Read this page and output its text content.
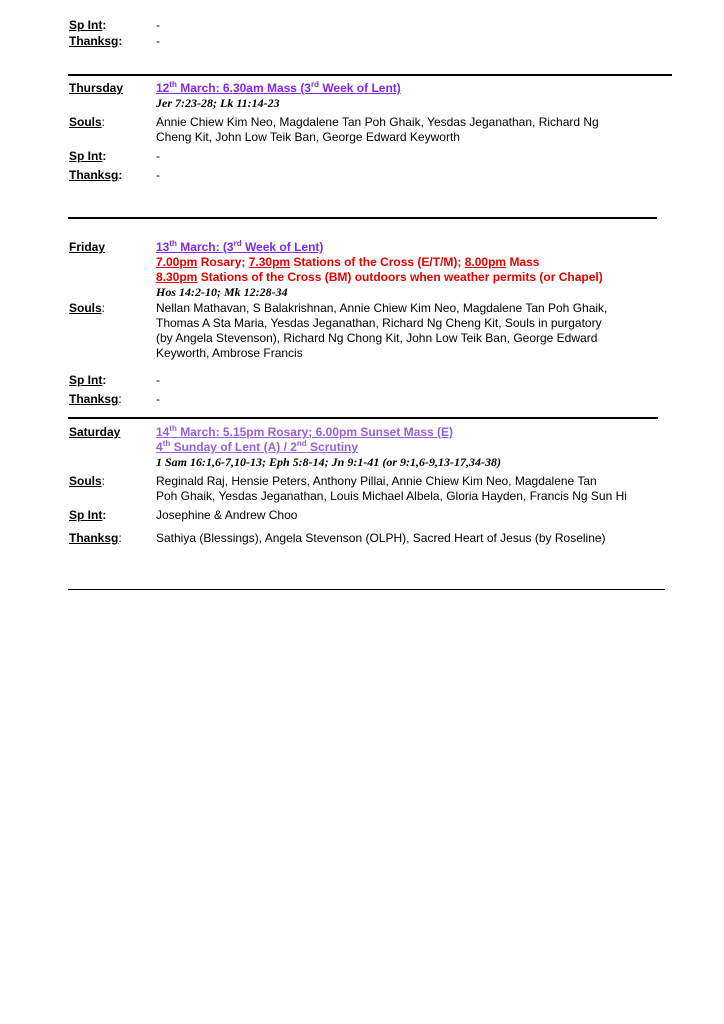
Sp Int:	-
Thanksg:	-
Thursday	12th March: 6.30am Mass (3rd Week of Lent)
Jer 7:23-28; Lk 11:14-23
Souls:	Annie Chiew Kim Neo, Magdalene Tan Poh Ghaik, Yesdas Jeganathan, Richard Ng
Cheng Kit, John Low Teik Ban, George Edward Keyworth
Sp Int:	-
Thanksg:	-
Friday	13th March: (3rd Week of Lent)
7.00pm Rosary; 7.30pm Stations of the Cross (E/T/M); 8.00pm Mass
8.30pm Stations of the Cross (BM) outdoors when weather permits (or Chapel)
Hos 14:2-10; Mk 12:28-34
Souls:	Nellan Mathavan, S Balakrishnan, Annie Chiew Kim Neo, Magdalene Tan Poh Ghaik,
Thomas A Sta Maria, Yesdas Jeganathan, Richard Ng Cheng Kit, Souls in purgatory
(by Angela Stevenson), Richard Ng Chong Kit, John Low Teik Ban, George Edward
Keyworth, Ambrose Francis
Sp Int:	-
Thanksg:	-
Saturday	14th March: 5.15pm Rosary; 6.00pm Sunset Mass (E)
4th Sunday of Lent (A) / 2nd Scrutiny
1 Sam 16:1,6-7,10-13; Eph 5:8-14; Jn 9:1-41 (or 9:1,6-9,13-17,34-38)
Souls:	Reginald Raj, Hensie Peters, Anthony Pillai, Annie Chiew Kim Neo, Magdalene Tan
Poh Ghaik, Yesdas Jeganathan, Louis Michael Albela, Gloria Hayden, Francis Ng Sun Hi
Sp Int:	Josephine & Andrew Choo
Thanksg:	Sathiya (Blessings), Angela Stevenson (OLPH), Sacred Heart of Jesus (by Roseline)
